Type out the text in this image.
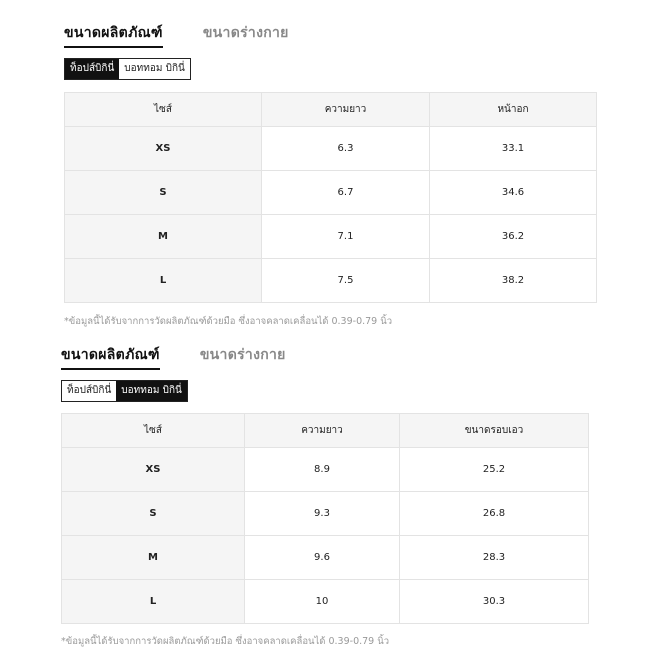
ขนาดผลิตภัณฑ์	ขนาดร่างกาย
ท็อปส์บิกินี่	บอททอม บิกินี่
ไซส์	ความยาว	หน้าอก
XS	6.3	33.1
S	6.7	34.6
M	7.1	36.2
L	7.5	38.2
*ข้อมูลนี้ได้รับจากการวัดผลิตภัณฑ์ด้วยมือ ซึ่งอาจคลาดเคลื่อนได้ 0.39-0.79 นิ้ว
ขนาดผลิตภัณฑ์	ขนาดร่างกาย
ท็อปส์บิกินี่	บอททอม บิกินี่
ไซส์	ความยาว	ขนาดรอบเอว
XS	8.9	25.2
S	9.3	26.8
M	9.6	28.3
L	10	30.3
*ข้อมูลนี้ได้รับจากการวัดผลิตภัณฑ์ด้วยมือ ซึ่งอาจคลาดเคลื่อนได้ 0.39-0.79 นิ้ว
